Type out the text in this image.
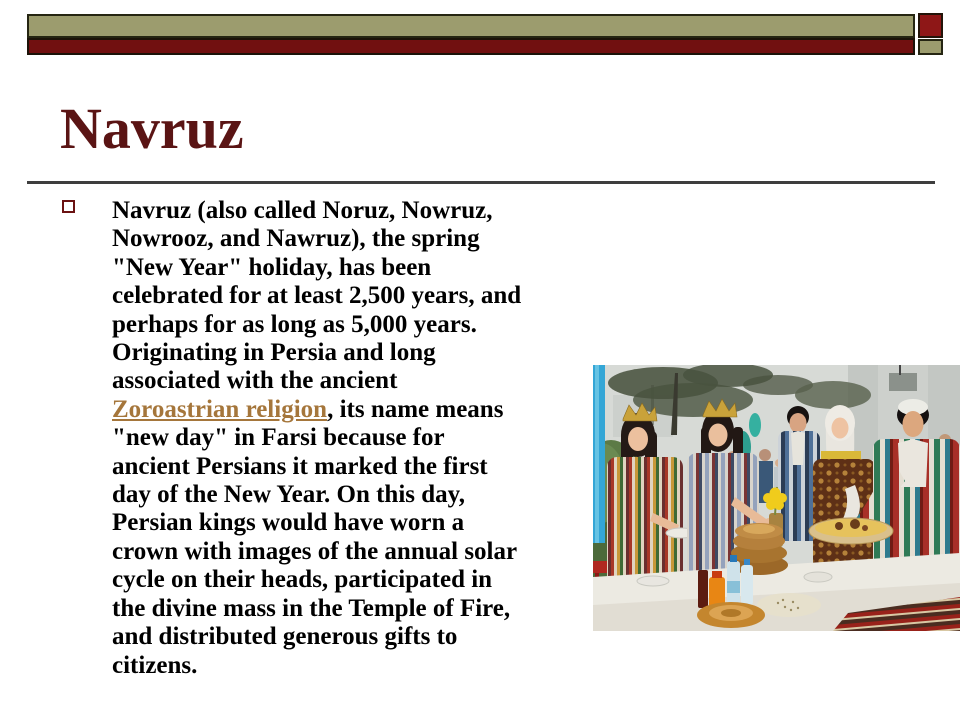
Navruz
Navruz (also called Noruz, Nowruz,
Nowrooz, and Nawruz), the spring
"New Year" holiday, has been
celebrated for at least 2,500 years, and
perhaps for as long as 5,000 years.
Originating in Persia and long
associated with the ancient
Zoroastrian religion, its name means
"new day" in Farsi because for
ancient Persians it marked the first
day of the New Year. On this day,
Persian kings would have worn a
crown with images of the annual solar
cycle on their heads, participated in
the divine mass in the Temple of Fire,
and distributed generous gifts to
citizens.
